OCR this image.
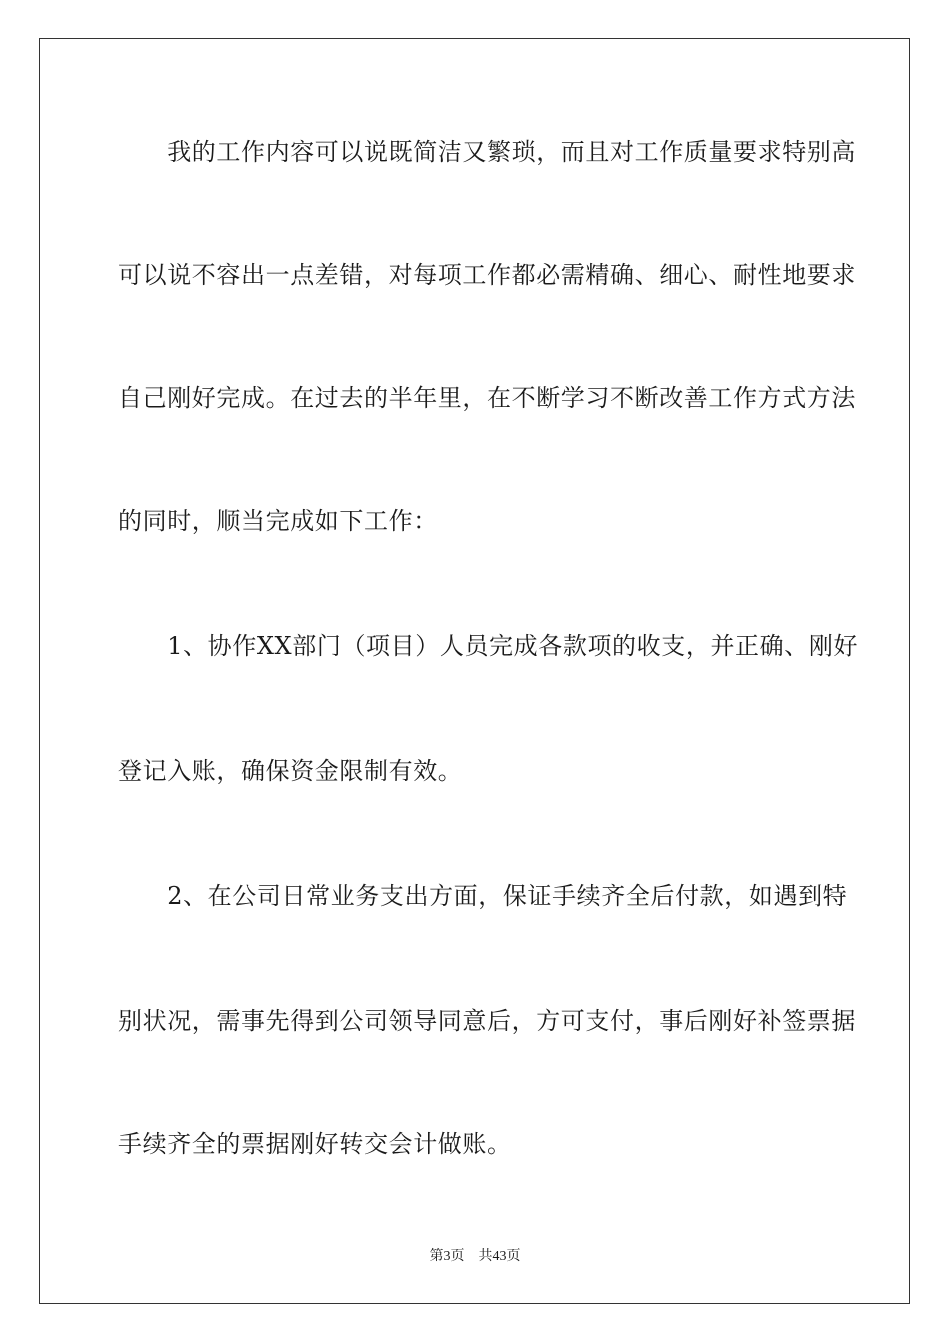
　　我的工作内容可以说既简洁又繁琐，而且对工作质量要求特别高
可以说不容出一点差错，对每项工作都必需精确、细心、耐性地要求
自己刚好完成。在过去的半年里，在不断学习不断改善工作方式方法
的同时，顺当完成如下工作：
　　1、协作XX部门（项目）人员完成各款项的收支，并正确、刚好
登记入账，确保资金限制有效。
　　2、在公司日常业务支出方面，保证手续齐全后付款，如遇到特
别状况，需事先得到公司领导同意后，方可支付，事后刚好补签票据
手续齐全的票据刚好转交会计做账。
第3页 共43页
